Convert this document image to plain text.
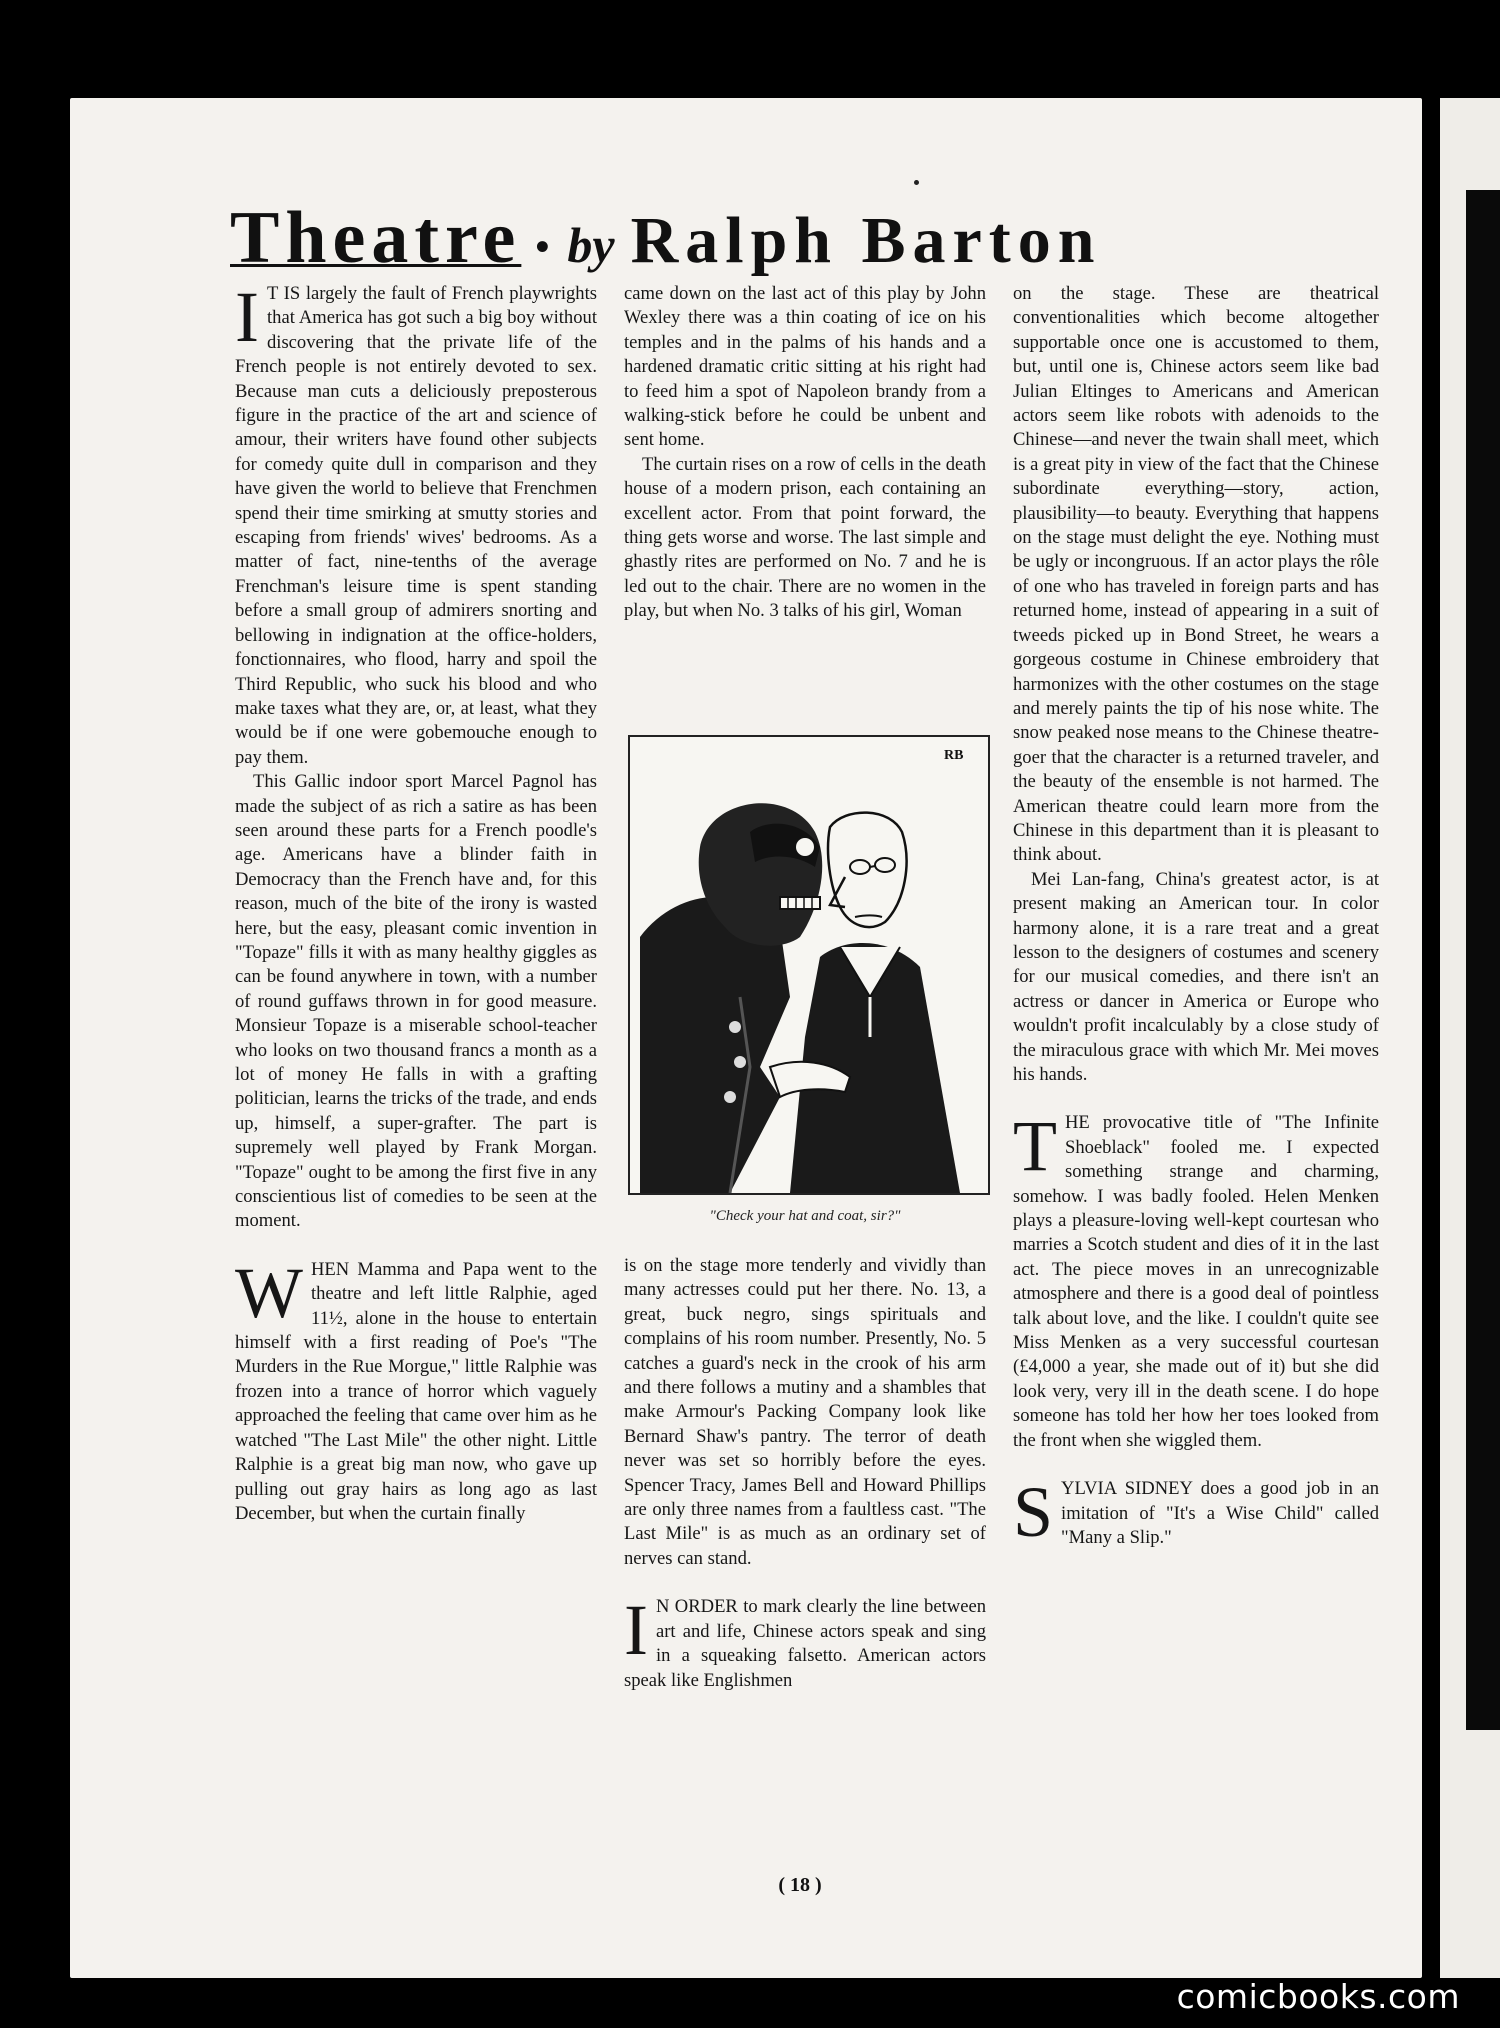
Theatre • by Ralph Barton

I T IS largely the fault of French playwrights that America has got such a big boy without discovering that the private life of the French people is not entirely devoted to sex. Because man cuts a deliciously preposterous figure in the practice of the art and science of amour, their writers have found other subjects for comedy quite dull in comparison and they have given the world to believe that Frenchmen spend their time smirking at smutty stories and escaping from friends' wives' bedrooms. As a matter of fact, nine-tenths of the average Frenchman's leisure time is spent standing before a small group of admirers snorting and bellowing in indignation at the office-holders, fonctionnaires, who flood, harry and spoil the Third Republic, who suck his blood and who make taxes what they are, or, at least, what they would be if one were gobemouche enough to pay them.

This Gallic indoor sport Marcel Pagnol has made the subject of as rich a satire as has been seen around these parts for a French poodle's age. Americans have a blinder faith in Democracy than the French have and, for this reason, much of the bite of the irony is wasted here, but the easy, pleasant comic invention in "Topaze" fills it with as many healthy giggles as can be found anywhere in town, with a number of round guffaws thrown in for good measure. Monsieur Topaze is a miserable school-teacher who looks on two thousand francs a month as a lot of money He falls in with a grafting politician, learns the tricks of the trade, and ends up, himself, a super-grafter. The part is supremely well played by Frank Morgan. "Topaze" ought to be among the first five in any conscientious list of comedies to be seen at the moment.

WHEN Mamma and Papa went to the theatre and left little Ralphie, aged 11½, alone in the house to entertain himself with a first reading of Poe's "The Murders in the Rue Morgue," little Ralphie was frozen into a trance of horror which vaguely approached the feeling that came over him as he watched "The Last Mile" the other night. Little Ralphie is a great big man now, who gave up pulling out gray hairs as long ago as last December, but when the curtain finally

came down on the last act of this play by John Wexley there was a thin coating of ice on his temples and in the palms of his hands and a hardened dramatic critic sitting at his right had to feed him a spot of Napoleon brandy from a walking-stick before he could be unbent and sent home.

The curtain rises on a row of cells in the death house of a modern prison, each containing an excellent actor. From that point forward, the thing gets worse and worse. The last simple and ghastly rites are performed on No. 7 and he is led out to the chair. There are no women in the play, but when No. 3 talks of his girl, Woman

RB
"Check your hat and coat, sir?"

is on the stage more tenderly and vividly than many actresses could put her there. No. 13, a great, buck negro, sings spirituals and complains of his room number. Presently, No. 5 catches a guard's neck in the crook of his arm and there follows a mutiny and a shambles that make Armour's Packing Company look like Bernard Shaw's pantry. The terror of death never was set so horribly before the eyes. Spencer Tracy, James Bell and Howard Phillips are only three names from a faultless cast. "The Last Mile" is as much as an ordinary set of nerves can stand.

I N ORDER to mark clearly the line between art and life, Chinese actors speak and sing in a squeaking falsetto. American actors speak like Englishmen

on the stage. These are theatrical conventionalities which become altogether supportable once one is accustomed to them, but, until one is, Chinese actors seem like bad Julian Eltinges to Americans and American actors seem like robots with adenoids to the Chinese—and never the twain shall meet, which is a great pity in view of the fact that the Chinese subordinate everything—story, action, plausibility—to beauty. Everything that happens on the stage must delight the eye. Nothing must be ugly or incongruous. If an actor plays the rôle of one who has traveled in foreign parts and has returned home, instead of appearing in a suit of tweeds picked up in Bond Street, he wears a gorgeous costume in Chinese embroidery that harmonizes with the other costumes on the stage and merely paints the tip of his nose white. The snow peaked nose means to the Chinese theatre-goer that the character is a returned traveler, and the beauty of the ensemble is not harmed. The American theatre could learn more from the Chinese in this department than it is pleasant to think about.

Mei Lan-fang, China's greatest actor, is at present making an American tour. In color harmony alone, it is a rare treat and a great lesson to the designers of costumes and scenery for our musical comedies, and there isn't an actress or dancer in America or Europe who wouldn't profit incalculably by a close study of the miraculous grace with which Mr. Mei moves his hands.

THE provocative title of "The Infinite Shoeblack" fooled me. I expected something strange and charming, somehow. I was badly fooled. Helen Menken plays a pleasure-loving well-kept courtesan who marries a Scotch student and dies of it in the last act. The piece moves in an unrecognizable atmosphere and there is a good deal of pointless talk about love, and the like. I couldn't quite see Miss Menken as a very successful courtesan (£4,000 a year, she made out of it) but she did look very, very ill in the death scene. I do hope someone has told her how her toes looked from the front when she wiggled them.

SYLVIA SIDNEY does a good job in an imitation of "It's a Wise Child" called "Many a Slip."

( 18 )
comicbooks.com
